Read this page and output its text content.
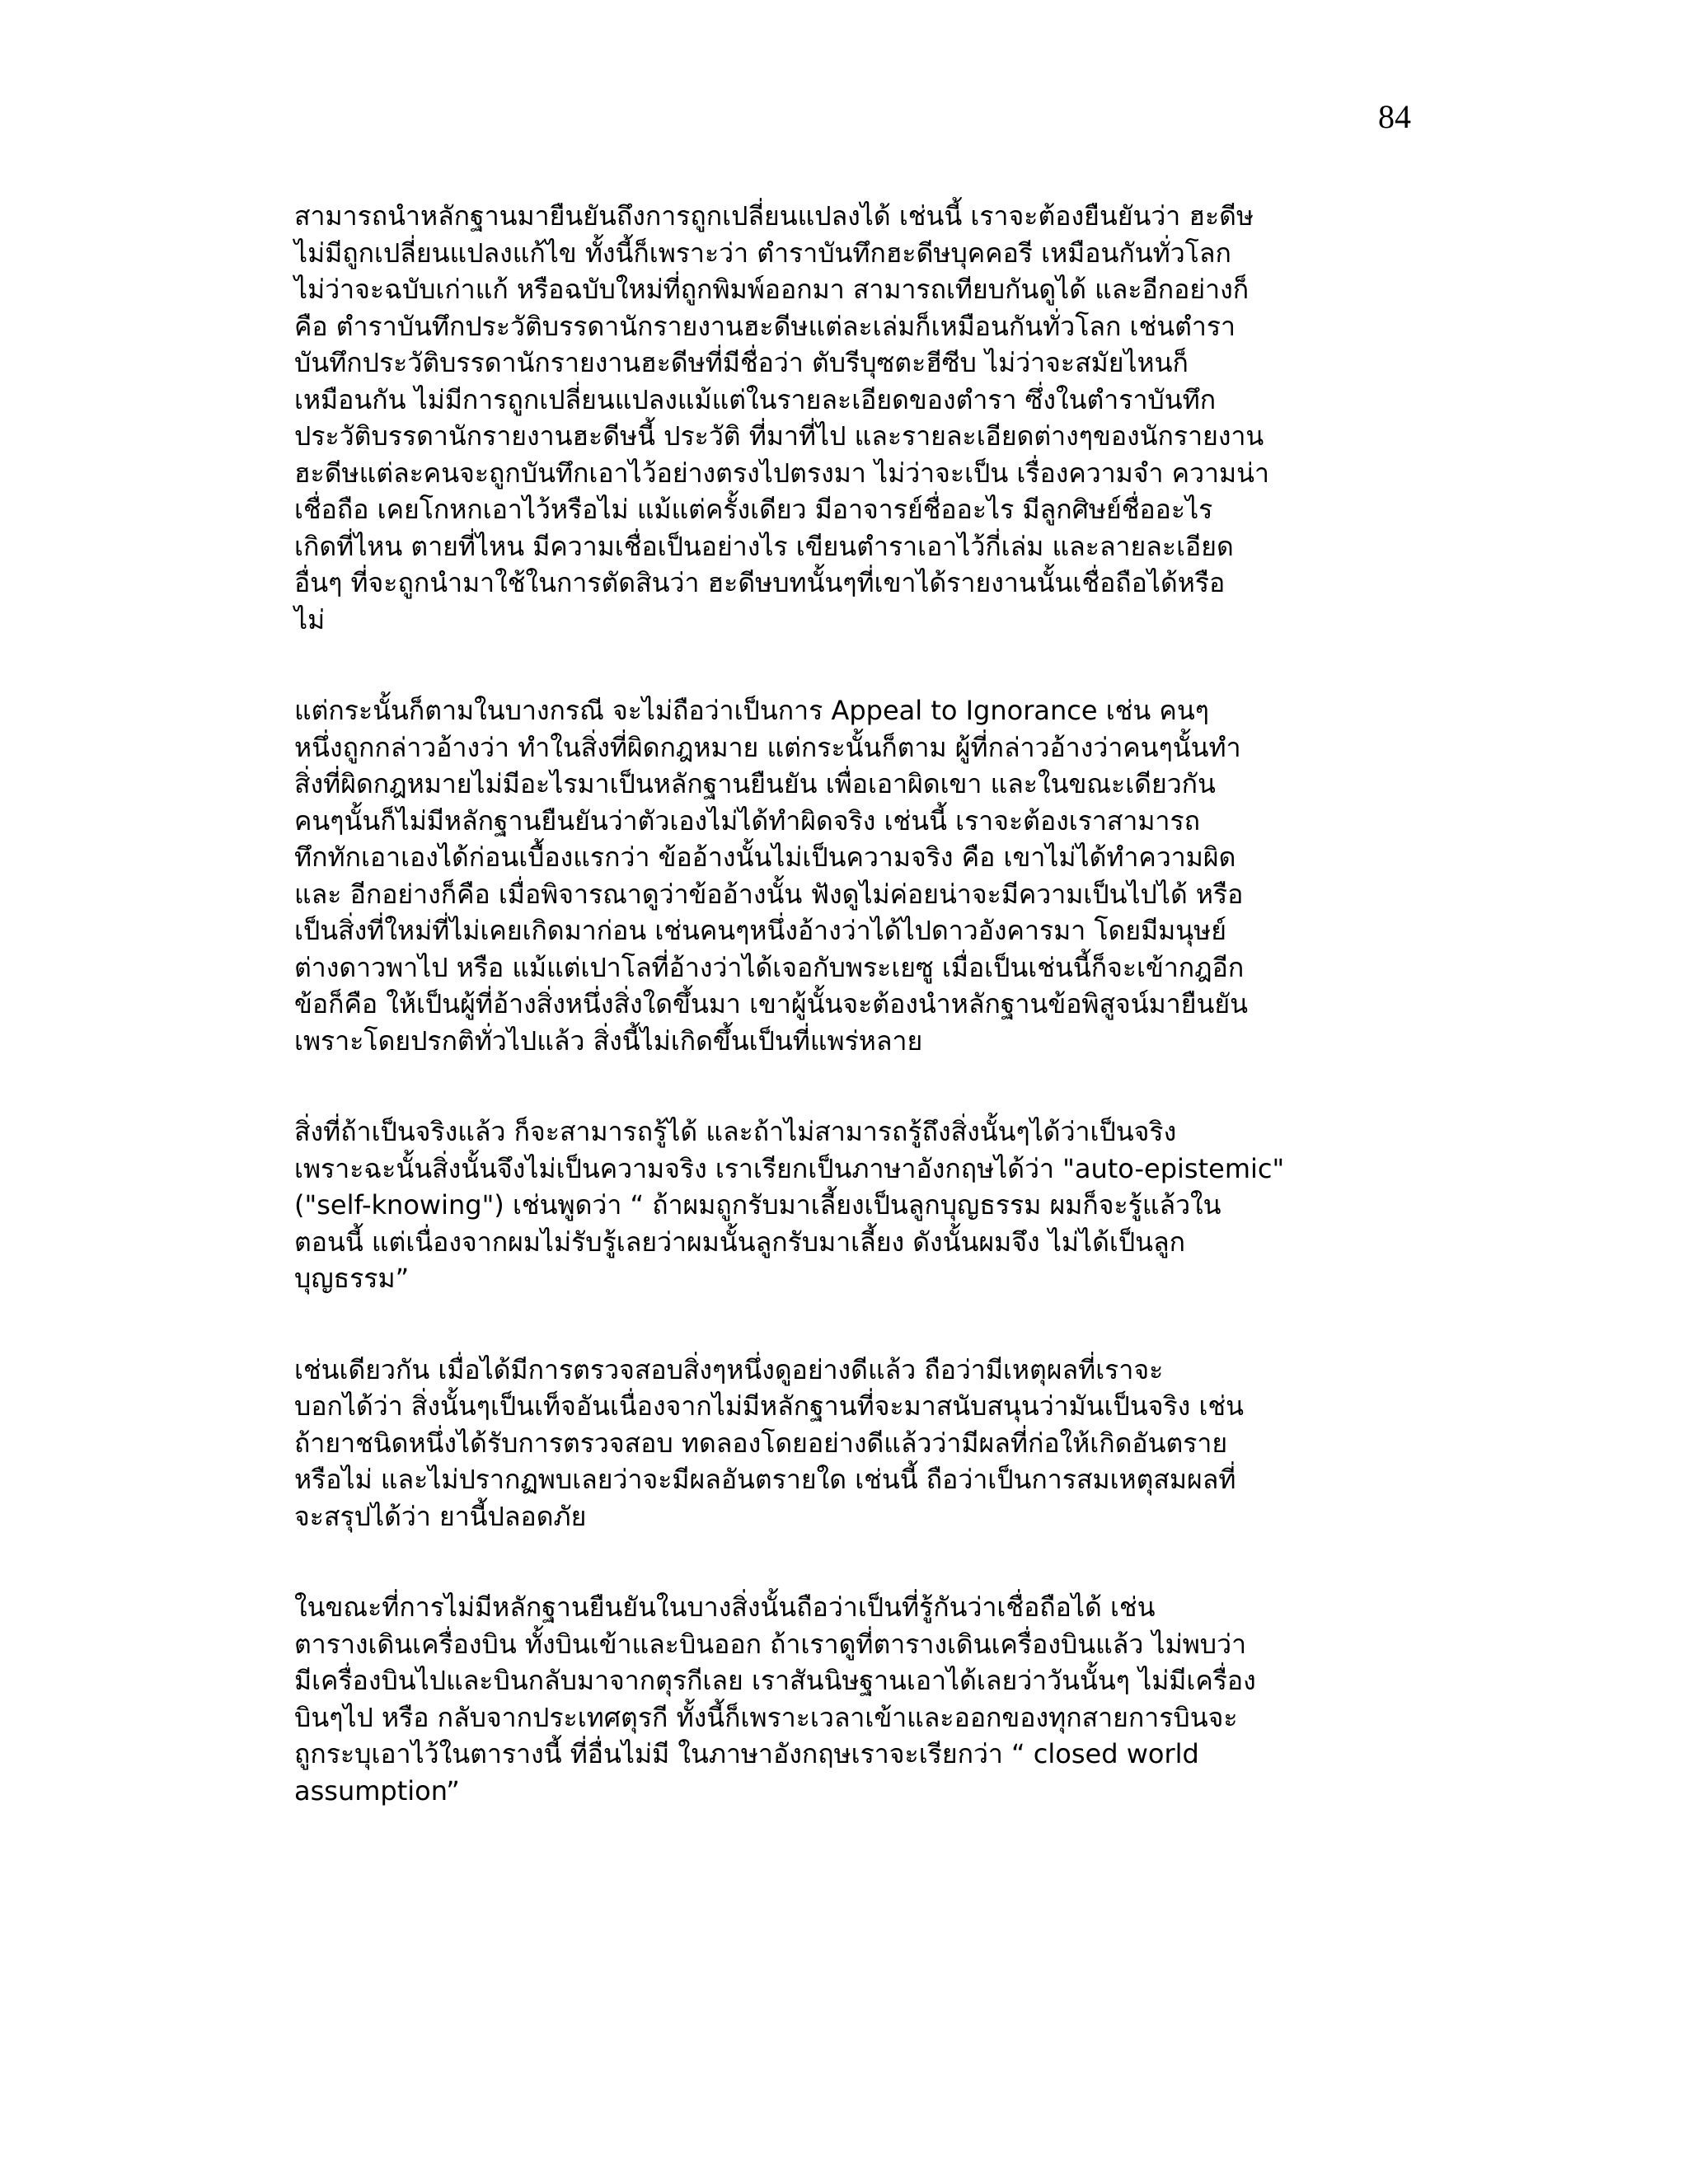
84
สามารถนำหลักฐานมายืนยันถึงการถูกเปลี่ยนแปลงได้ เช่นนี้ เราจะต้องยืนยันว่า ฮะดีษ
ไม่มีถูกเปลี่ยนแปลงแก้ไข ทั้งนี้ก็เพราะว่า ตำราบันทึกฮะดีษบุคคอรี เหมือนกันทั่วโลก
ไม่ว่าจะฉบับเก่าแก้ หรือฉบับใหม่ที่ถูกพิมพ์ออกมา สามารถเทียบกันดูได้ และอีกอย่างก็
คือ ตำราบันทึกประวัติบรรดานักรายงานฮะดีษแต่ละเล่มก็เหมือนกันทั่วโลก เช่นตำรา
บันทึกประวัติบรรดานักรายงานฮะดีษที่มีชื่อว่า ตับรีบุซตะฮีซีบ ไม่ว่าจะสมัยไหนก็
เหมือนกัน ไม่มีการถูกเปลี่ยนแปลงแม้แต่ในรายละเอียดของตำรา ซึ่งในตำราบันทึก
ประวัติบรรดานักรายงานฮะดีษนี้ ประวัติ ที่มาที่ไป และรายละเอียดต่างๆของนักรายงาน
ฮะดีษแต่ละคนจะถูกบันทึกเอาไว้อย่างตรงไปตรงมา ไม่ว่าจะเป็น เรื่องความจำ ความน่า
เชื่อถือ เคยโกหกเอาไว้หรือไม่ แม้แต่ครั้งเดียว มีอาจารย์ชื่ออะไร มีลูกศิษย์ชื่ออะไร
เกิดที่ไหน ตายที่ไหน มีความเชื่อเป็นอย่างไร เขียนตำราเอาไว้กี่เล่ม และลายละเอียด
อื่นๆ ที่จะถูกนำมาใช้ในการตัดสินว่า ฮะดีษบทนั้นๆที่เขาได้รายงานนั้นเชื่อถือได้หรือ
ไม่
แต่กระนั้นก็ตามในบางกรณี จะไม่ถือว่าเป็นการ Appeal to Ignorance เช่น คนๆ
หนึ่งถูกกล่าวอ้างว่า ทำในสิ่งที่ผิดกฎหมาย แต่กระนั้นก็ตาม ผู้ที่กล่าวอ้างว่าคนๆนั้นทำ
สิ่งที่ผิดกฎหมายไม่มีอะไรมาเป็นหลักฐานยืนยัน เพื่อเอาผิดเขา และในขณะเดียวกัน
คนๆนั้นก็ไม่มีหลักฐานยืนยันว่าตัวเองไม่ได้ทำผิดจริง เช่นนี้ เราจะต้องเราสามารถ
ทึกทักเอาเองได้ก่อนเบื้องแรกว่า ข้ออ้างนั้นไม่เป็นความจริง คือ เขาไม่ได้ทำความผิด
และ อีกอย่างก็คือ เมื่อพิจารณาดูว่าข้ออ้างนั้น ฟังดูไม่ค่อยน่าจะมีความเป็นไปได้ หรือ
เป็นสิ่งที่ใหม่ที่ไม่เคยเกิดมาก่อน เช่นคนๆหนึ่งอ้างว่าได้ไปดาวอังคารมา โดยมีมนุษย์
ต่างดาวพาไป หรือ แม้แต่เปาโลที่อ้างว่าได้เจอกับพระเยซู เมื่อเป็นเช่นนี้ก็จะเข้ากฎอีก
ข้อก็คือ ให้เป็นผู้ที่อ้างสิ่งหนึ่งสิ่งใดขึ้นมา เขาผู้นั้นจะต้องนำหลักฐานข้อพิสูจน์มายืนยัน
เพราะโดยปรกติทั่วไปแล้ว สิ่งนี้ไม่เกิดขึ้นเป็นที่แพร่หลาย
สิ่งที่ถ้าเป็นจริงแล้ว ก็จะสามารถรู้ได้ และถ้าไม่สามารถรู้ถึงสิ่งนั้นๆได้ว่าเป็นจริง
เพราะฉะนั้นสิ่งนั้นจึงไม่เป็นความจริง เราเรียกเป็นภาษาอังกฤษได้ว่า "auto-epistemic"
("self-knowing") เช่นพูดว่า “ ถ้าผมถูกรับมาเลี้ยงเป็นลูกบุญธรรม ผมก็จะรู้แล้วใน
ตอนนี้ แต่เนื่องจากผมไม่รับรู้เลยว่าผมนั้นลูกรับมาเลี้ยง ดังนั้นผมจึง ไม่ได้เป็นลูก
บุญธรรม”
เช่นเดียวกัน เมื่อได้มีการตรวจสอบสิ่งๆหนึ่งดูอย่างดีแล้ว ถือว่ามีเหตุผลที่เราจะ
บอกได้ว่า สิ่งนั้นๆเป็นเท็จอันเนื่องจากไม่มีหลักฐานที่จะมาสนับสนุนว่ามันเป็นจริง เช่น
ถ้ายาชนิดหนึ่งได้รับการตรวจสอบ ทดลองโดยอย่างดีแล้วว่ามีผลที่ก่อให้เกิดอันตราย
หรือไม่ และไม่ปรากฏพบเลยว่าจะมีผลอันตรายใด เช่นนี้ ถือว่าเป็นการสมเหตุสมผลที่
จะสรุปได้ว่า ยานี้ปลอดภัย
ในขณะที่การไม่มีหลักฐานยืนยันในบางสิ่งนั้นถือว่าเป็นที่รู้กันว่าเชื่อถือได้ เช่น
ตารางเดินเครื่องบิน ทั้งบินเข้าและบินออก ถ้าเราดูที่ตารางเดินเครื่องบินแล้ว ไม่พบว่า
มีเครื่องบินไปและบินกลับมาจากตุรกีเลย เราสันนิษฐานเอาได้เลยว่าวันนั้นๆ ไม่มีเครื่อง
บินๆไป หรือ กลับจากประเทศตุรกี ทั้งนี้ก็เพราะเวลาเข้าและออกของทุกสายการบินจะ
ถูกระบุเอาไว้ในตารางนี้ ที่อื่นไม่มี ในภาษาอังกฤษเราจะเรียกว่า “ closed world
assumption”
